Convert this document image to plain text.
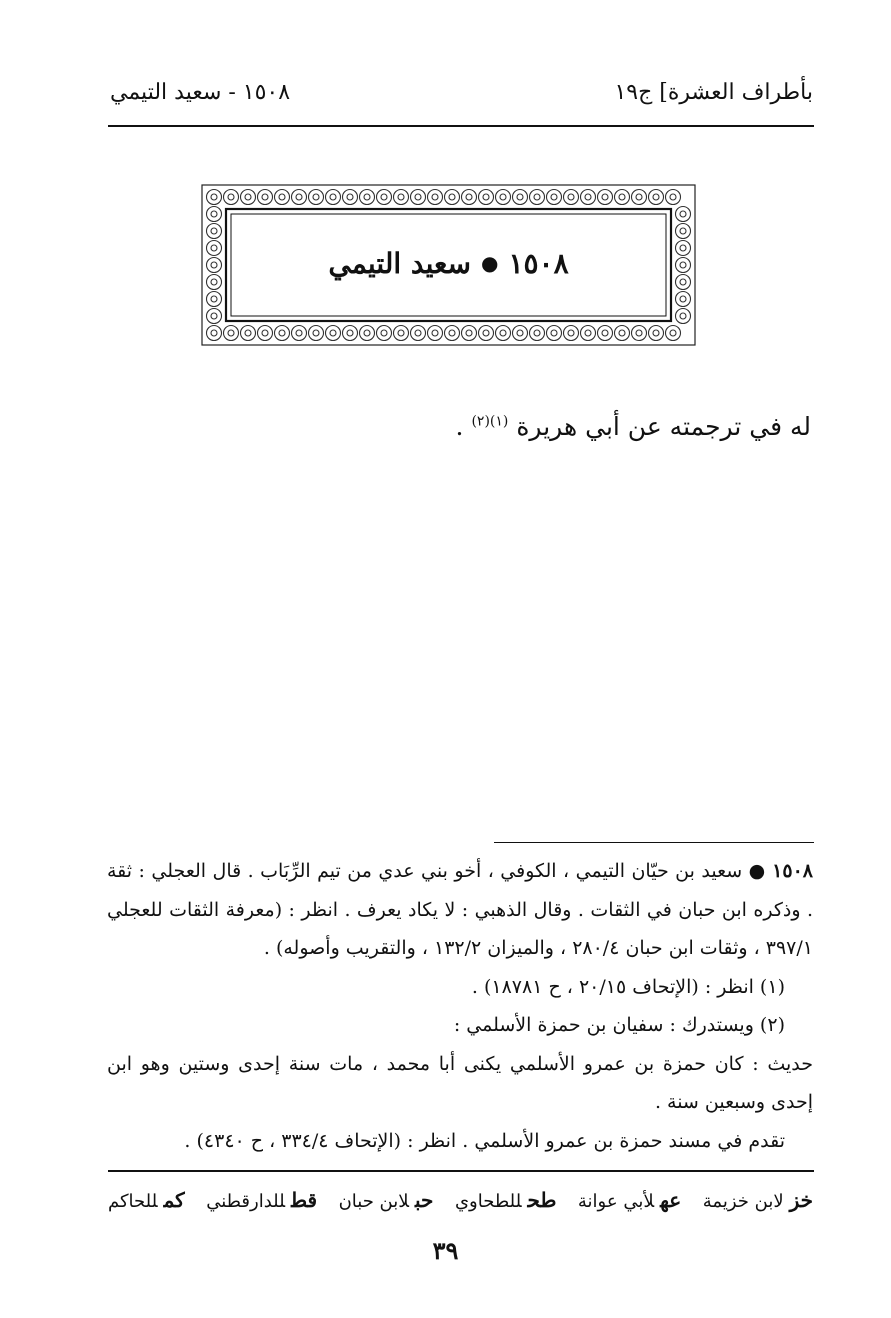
بأطراف العشرة] ج١٩
١٥٠٨ - سعيد التيمي
١٥٠٨
●
سعيد التيمي
له في ترجمته عن أبي هريرة $^{(١)(٢)}$ .

١٥٠٨ ● سعيد بن حيّان التيمي ، الكوفي ، أخو بني عدي من تيم الرِّبَاب . قال العجلي : ثقة . وذكره ابن حبان في الثقات . وقال الذهبي : لا يكاد يعرف . انظر : (معرفة الثقات للعجلي ٣٩٧/١ ، وثقات ابن حبان ٢٨٠/٤ ، والميزان ١٣٢/٢ ، والتقريب وأصوله) .

(١) انظر : (الإتحاف ٢٠/١٥ ، ح ١٨٧٨١) .

(٢) ويستدرك : سفيان بن حمزة الأسلمي :

حديث : كان حمزة بن عمرو الأسلمي يكنى أبا محمد ، مات سنة إحدى وستين وهو ابن إحدى وسبعين سنة .

تقدم في مسند حمزة بن عمرو الأسلمي . انظر : (الإتحاف ٣٣٤/٤ ، ح ٤٣٤٠) .

خزلابن خزيمة
عهلأبي عوانة
طحللطحاوي
حبلابن حبان
قطللدارقطني
كمللحاكم
٣٩
